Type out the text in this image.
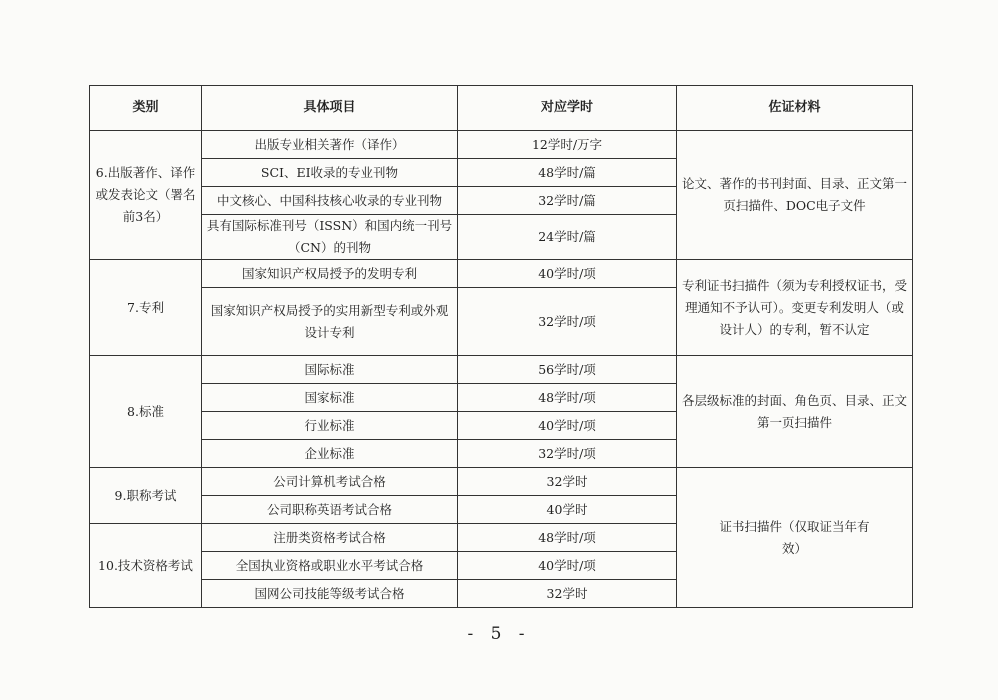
类别	具体项目	对应学时	佐证材料
6.出版著作、译作或发表论文（署名前3名）	出版专业相关著作（译作）	12学时/万字	论文、著作的书刊封面、目录、正文第一页扫描件、DOC电子文件
	SCI、EI收录的专业刊物	48学时/篇	
	中文核心、中国科技核心收录的专业刊物	32学时/篇	
	具有国际标准刊号（ISSN）和国内统一刊号（CN）的刊物	24学时/篇	
7.专利	国家知识产权局授予的发明专利	40学时/项	专利证书扫描件（须为专利授权证书，受理通知不予认可）。变更专利发明人（或设计人）的专利，暂不认定
	国家知识产权局授予的实用新型专利或外观设计专利	32学时/项	
8.标准	国际标准	56学时/项	各层级标准的封面、角色页、目录、正文第一页扫描件
	国家标准	48学时/项	
	行业标准	40学时/项	
	企业标准	32学时/项	
9.职称考试	公司计算机考试合格	32学时	证书扫描件（仅取证当年有效）
	公司职称英语考试合格	40学时	
10.技术资格考试	注册类资格考试合格	48学时/项	
	全国执业资格或职业水平考试合格	40学时/项	
	国网公司技能等级考试合格	32学时	
- 5 -
